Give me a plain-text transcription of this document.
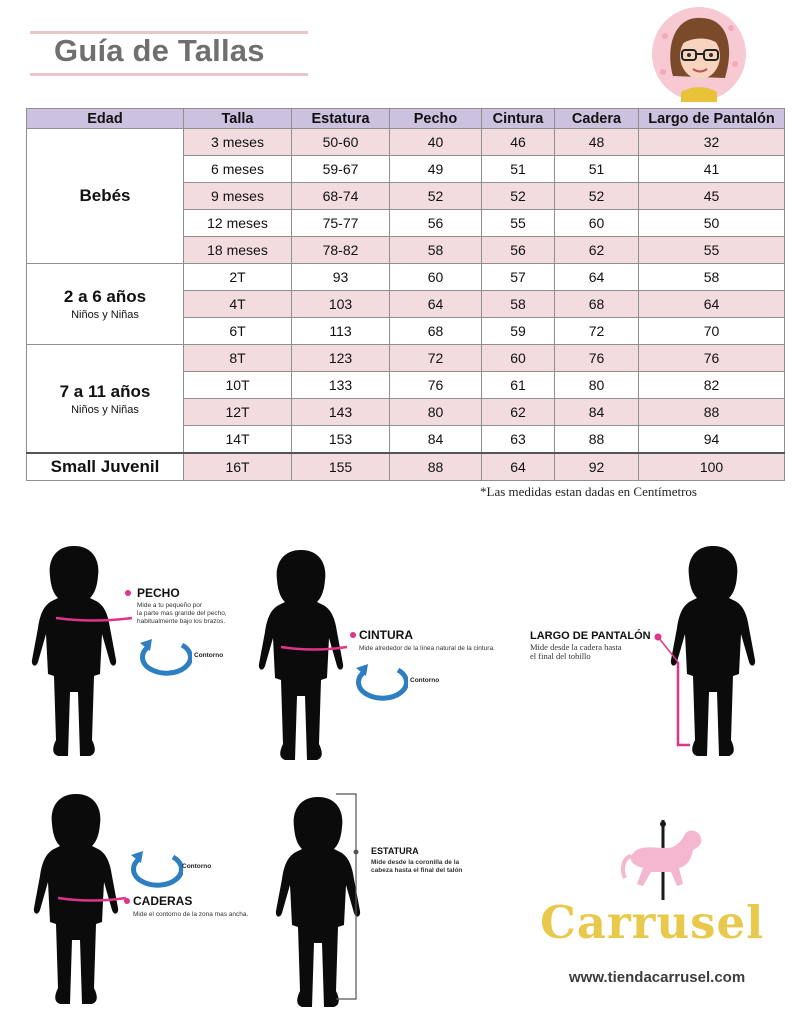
Guía de Tallas
Edad	Talla	Estatura	Pecho	Cintura	Cadera	Largo de Pantalón

Bebés	3 meses	50-60	40	46	48	32
	6 meses	59-67	49	51	51	41
	9 meses	68-74	52	52	52	45
	12 meses	75-77	56	55	60	50
	18 meses	78-82	58	56	62	55

2 a 6 años
Niños y Niñas	2T	93	60	57	64	58
	4T	103	64	58	68	64
	6T	113	68	59	72	70

7 a 11 años
Niños y Niñas	8T	123	72	60	76	76
	10T	133	76	61	80	82
	12T	143	80	62	84	88
	14T	153	84	63	88	94

Small Juvenil	16T	155	88	64	92	100
*Las medidas estan dadas en Centímetros
PECHO
Mide a tu pequeño por
la parte mas grande del pecho,
habitualmente bajo los brazos.
Contorno
CINTURA
Mide alrededor de la línea natural de la cintura.
Contorno
LARGO DE PANTALÓN
Mide desde la cadera hasta
el final del tobillo
Contorno
CADERAS
Mide el contorno de la zona mas ancha.
ESTATURA
Mide desde la coronilla de la
cabeza hasta el final del talón
Carrusel
www.tiendacarrusel.com
